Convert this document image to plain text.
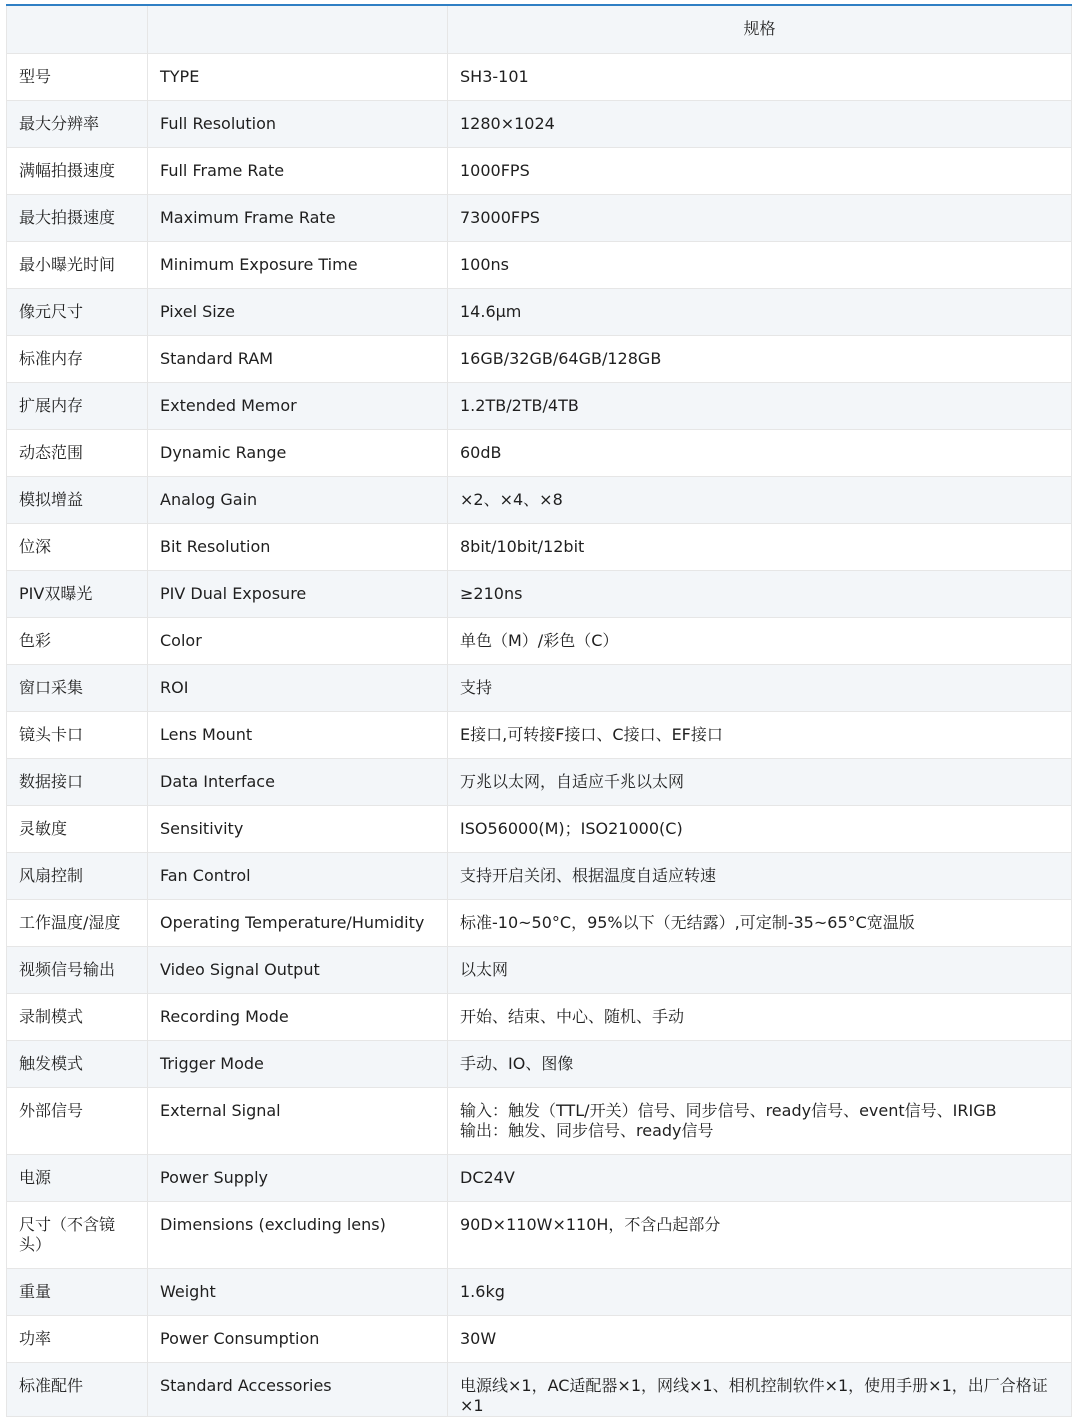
		规格
型号	TYPE	SH3-101
最大分辨率	Full Resolution	1280×1024
满幅拍摄速度	Full Frame Rate	1000FPS
最大拍摄速度	Maximum Frame Rate	73000FPS
最小曝光时间	Minimum Exposure Time	100ns
像元尺寸	Pixel Size	14.6μm
标准内存	Standard RAM	16GB/32GB/64GB/128GB
扩展内存	Extended Memor	1.2TB/2TB/4TB
动态范围	Dynamic Range	60dB
模拟增益	Analog Gain	×2、×4、×8
位深	Bit Resolution	8bit/10bit/12bit
PIV双曝光	PIV Dual Exposure	≥210ns
色彩	Color	单色（M）/彩色（C）
窗口采集	ROI	支持
镜头卡口	Lens Mount	E接口,可转接F接口、C接口、EF接口
数据接口	Data Interface	万兆以太网，自适应千兆以太网
灵敏度	Sensitivity	ISO56000(M)；ISO21000(C)
风扇控制	Fan Control	支持开启关闭、根据温度自适应转速
工作温度/湿度	Operating Temperature/Humidity	标准-10~50°C，95%以下（无结露）,可定制-35~65°C宽温版
视频信号输出	Video Signal Output	以太网
录制模式	Recording Mode	开始、结束、中心、随机、手动
触发模式	Trigger Mode	手动、IO、图像
外部信号	External Signal	输入：触发（TTL/开关）信号、同步信号、ready信号、event信号、IRIGB
输出：触发、同步信号、ready信号
电源	Power Supply	DC24V
尺寸（不含镜头）	Dimensions (excluding lens)	90D×110W×110H，不含凸起部分
重量	Weight	1.6kg
功率	Power Consumption	30W
标准配件	Standard Accessories	电源线×1，AC适配器×1，网线×1、相机控制软件×1，使用手册×1，出厂合格证×1
